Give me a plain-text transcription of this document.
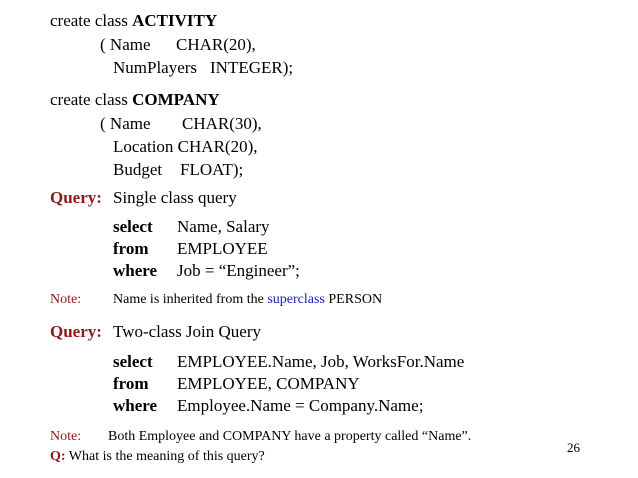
create class ACTIVITY
( Name CHAR(20),
NumPlayers INTEGER);
create class COMPANY
( Name CHAR(30),
Location CHAR(20),
Budget FLOAT);
Query: Single class query
select Name, Salary
from EMPLOYEE
where Job = “Engineer”;
Note: Name is inherited from the superclass PERSON
Query: Two-class Join Query
select EMPLOYEE.Name, Job, WorksFor.Name
from EMPLOYEE, COMPANY
where Employee.Name = Company.Name;
Note: Both Employee and COMPANY have a property called “Name”.
Q: What is the meaning of this query?
26
